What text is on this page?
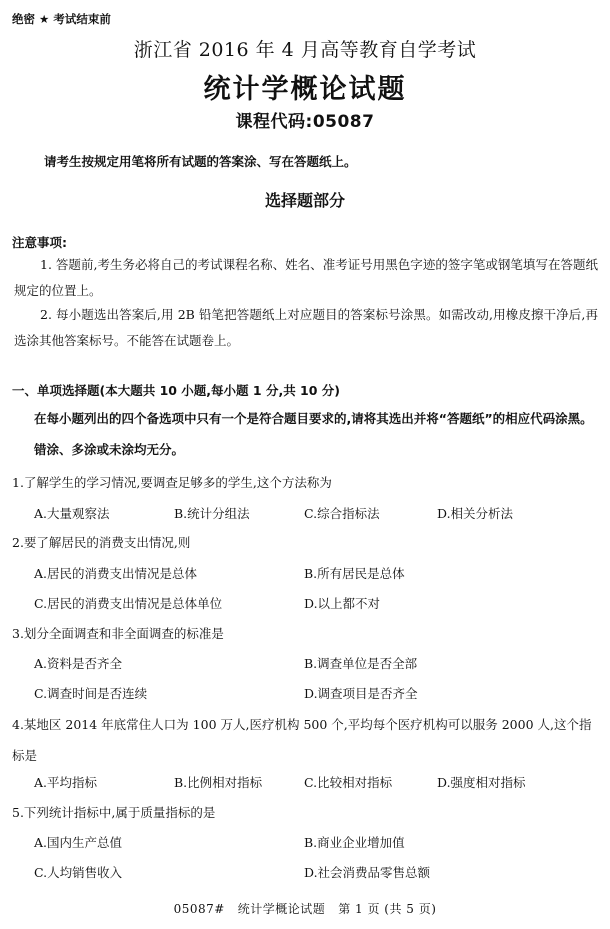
绝密 ★ 考试结束前
浙江省 2016 年 4 月高等教育自学考试
统计学概论试题
课程代码:05087
请考生按规定用笔将所有试题的答案涂、写在答题纸上。
选择题部分
注意事项:
1. 答题前,考生务必将自己的考试课程名称、姓名、准考证号用黑色字迹的签字笔或钢笔填写在答题纸规定的位置上。
2. 每小题选出答案后,用 2B 铅笔把答题纸上对应题目的答案标号涂黑。如需改动,用橡皮擦干净后,再选涂其他答案标号。不能答在试题卷上。
一、单项选择题(本大题共 10 小题,每小题 1 分,共 10 分)
在每小题列出的四个备选项中只有一个是符合题目要求的,请将其选出并将“答题纸”的相应代码涂黑。错涂、多涂或未涂均无分。
1.了解学生的学习情况,要调查足够多的学生,这个方法称为
A.大量观察法	B.统计分组法	C.综合指标法	D.相关分析法
2.要了解居民的消费支出情况,则
A.居民的消费支出情况是总体	B.所有居民是总体
C.居民的消费支出情况是总体单位	D.以上都不对
3.划分全面调查和非全面调查的标准是
A.资料是否齐全	B.调查单位是否全部
C.调查时间是否连续	D.调查项目是否齐全
4.某地区 2014 年底常住人口为 100 万人,医疗机构 500 个,平均每个医疗机构可以服务 2000 人,这个指标是
A.平均指标	B.比例相对指标	C.比较相对指标	D.强度相对指标
5.下列统计指标中,属于质量指标的是
A.国内生产总值	B.商业企业增加值
C.人均销售收入	D.社会消费品零售总额
05087#   统计学概论试题   第 1 页 (共 5 页)
